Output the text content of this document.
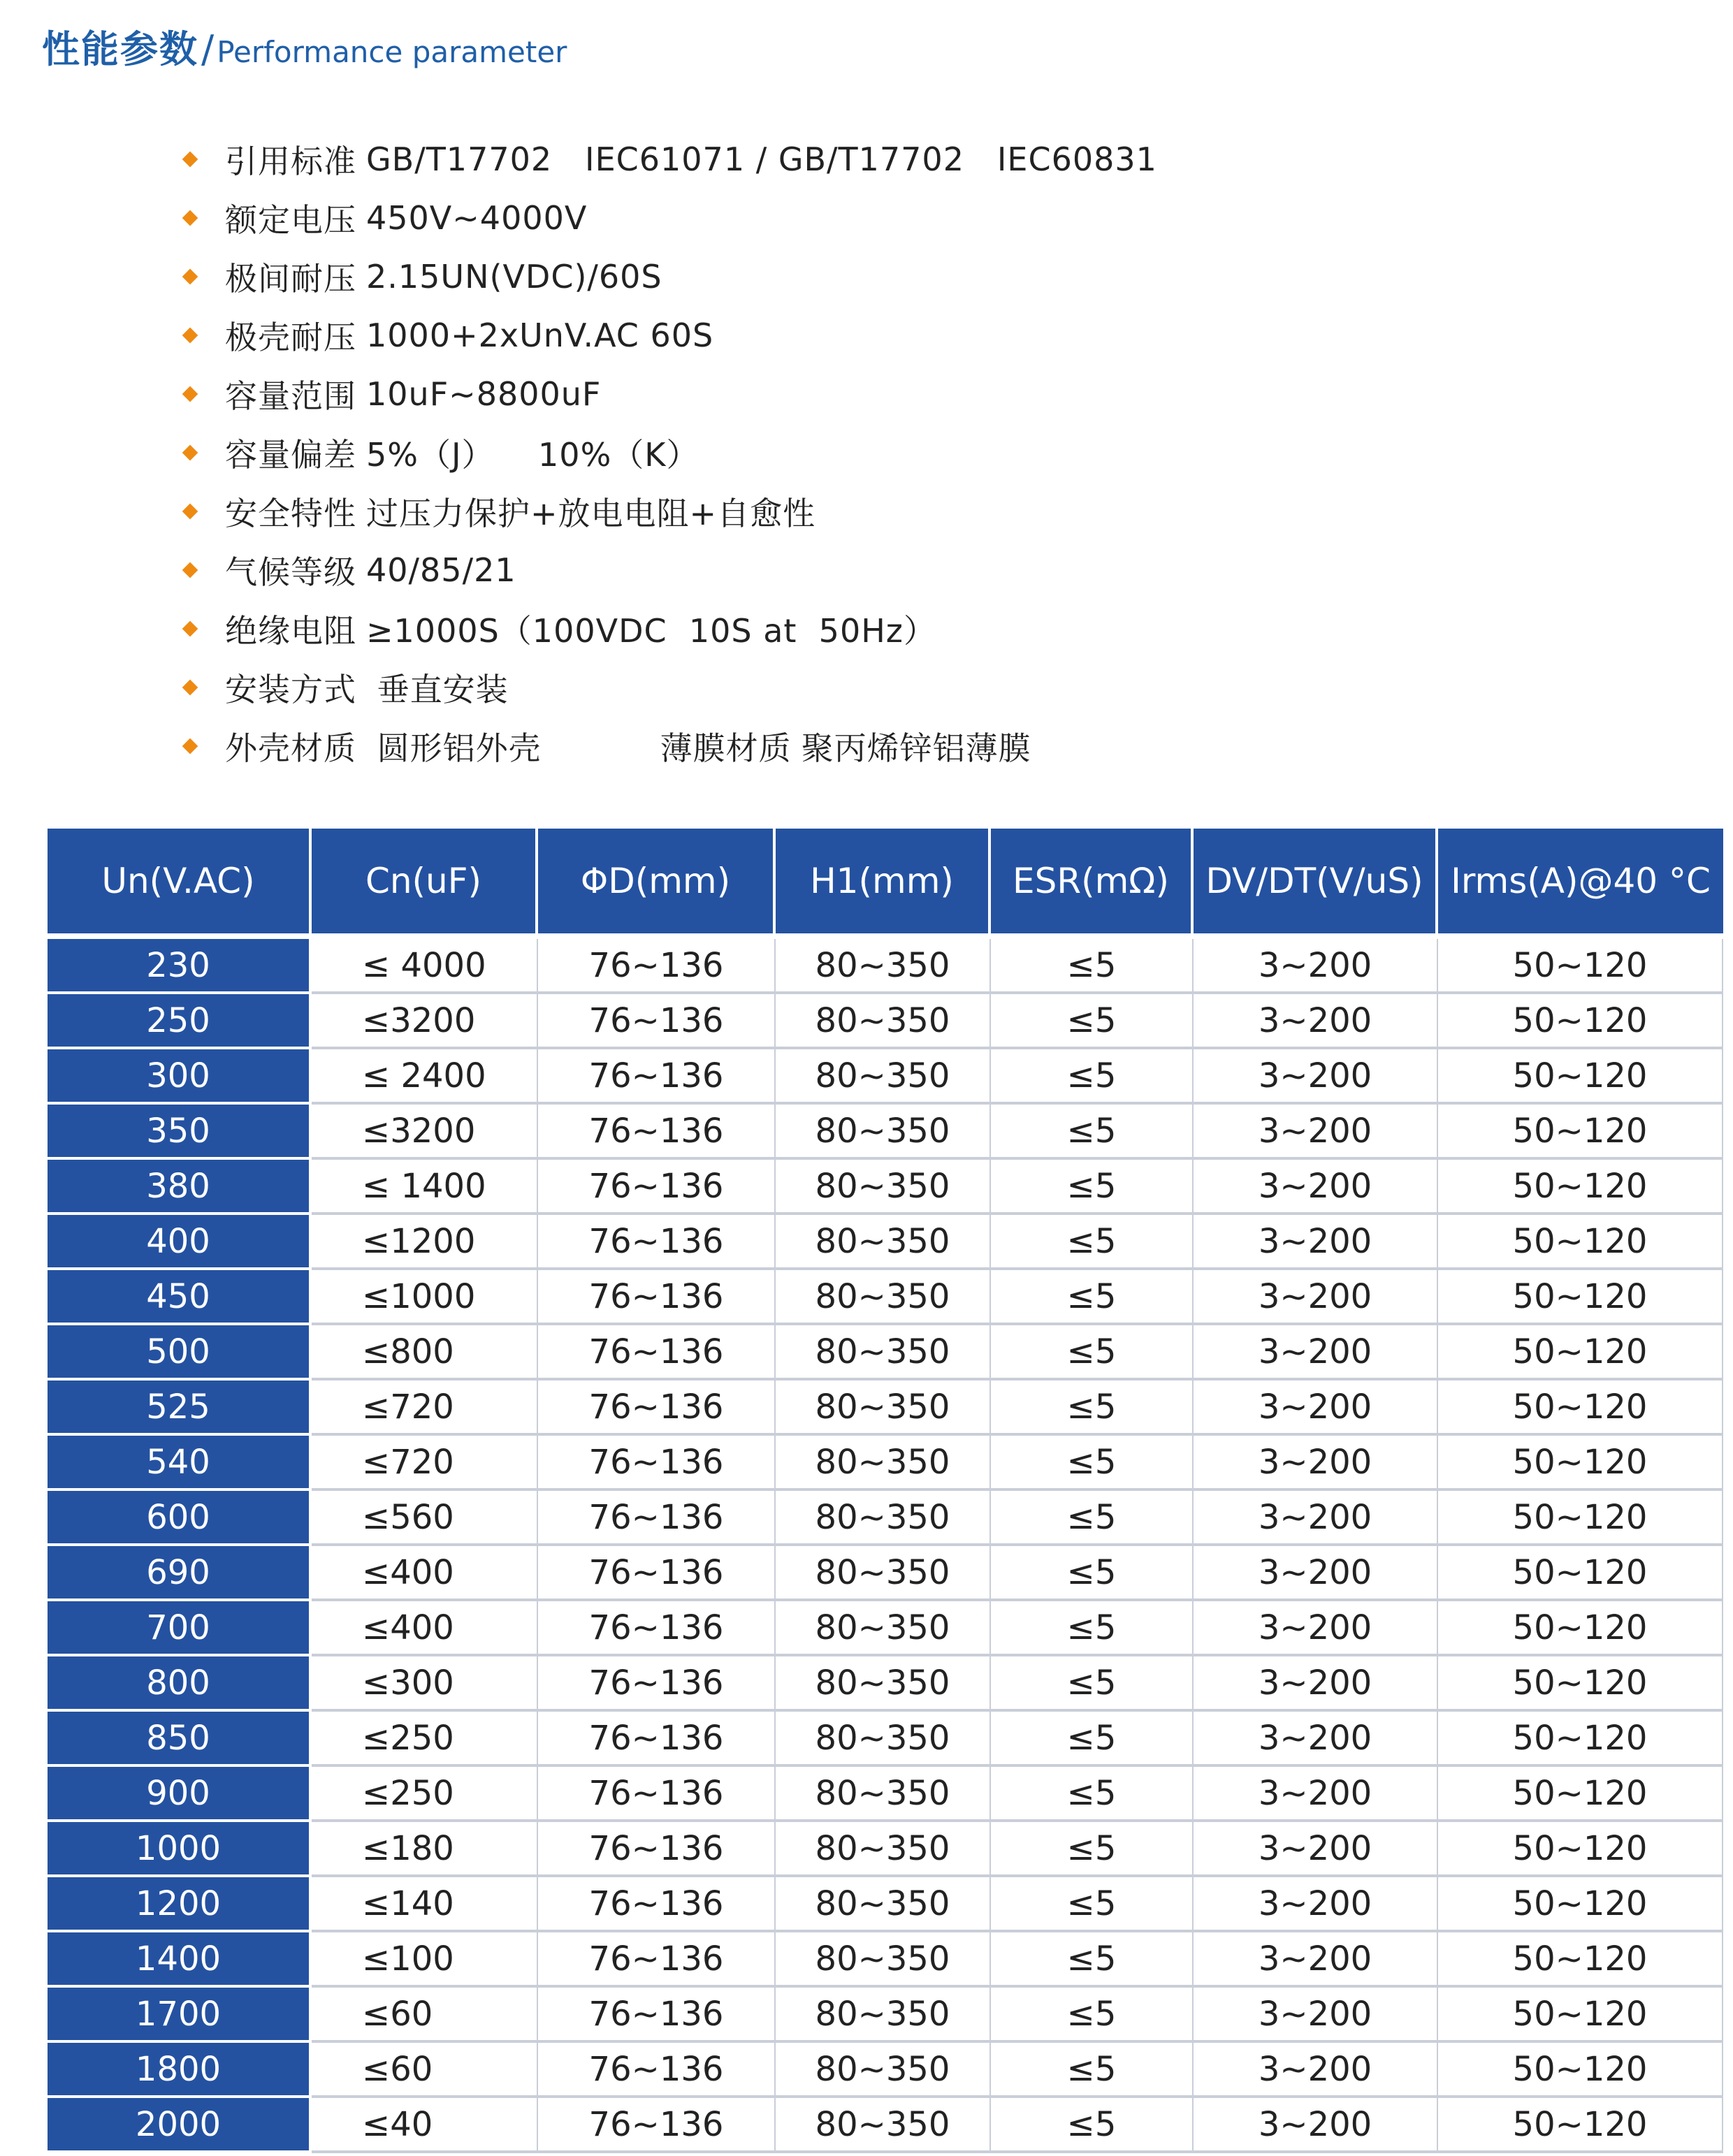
性能参数 / Performance parameter
引用标准 GB/T17702   IEC61071 / GB/T17702   IEC60831
额定电压 450V~4000V
极间耐压 2.15UN(VDC)/60S
极壳耐压 1000+2xUnV.AC 60S
容量范围 10uF~8800uF
容量偏差 5%（J）    10%（K）
安全特性 过压力保护+放电电阻+自愈性
气候等级 40/85/21
绝缘电阻 ≥1000S（100VDC  10S at  50Hz）
安装方式 垂直安装
外壳材质 圆形铝外壳	薄膜材质 聚丙烯锌铝薄膜
Un(V.AC)	Cn(uF)	ΦD(mm)	H1(mm)	ESR(mΩ)	DV/DT(V/uS)	Irms(A)@40 °C
230	≤ 4000	76~136	80~350	≤5	3~200	50~120
250	≤3200	76~136	80~350	≤5	3~200	50~120
300	≤ 2400	76~136	80~350	≤5	3~200	50~120
350	≤3200	76~136	80~350	≤5	3~200	50~120
380	≤ 1400	76~136	80~350	≤5	3~200	50~120
400	≤1200	76~136	80~350	≤5	3~200	50~120
450	≤1000	76~136	80~350	≤5	3~200	50~120
500	≤800	76~136	80~350	≤5	3~200	50~120
525	≤720	76~136	80~350	≤5	3~200	50~120
540	≤720	76~136	80~350	≤5	3~200	50~120
600	≤560	76~136	80~350	≤5	3~200	50~120
690	≤400	76~136	80~350	≤5	3~200	50~120
700	≤400	76~136	80~350	≤5	3~200	50~120
800	≤300	76~136	80~350	≤5	3~200	50~120
850	≤250	76~136	80~350	≤5	3~200	50~120
900	≤250	76~136	80~350	≤5	3~200	50~120
1000	≤180	76~136	80~350	≤5	3~200	50~120
1200	≤140	76~136	80~350	≤5	3~200	50~120
1400	≤100	76~136	80~350	≤5	3~200	50~120
1700	≤60	76~136	80~350	≤5	3~200	50~120
1800	≤60	76~136	80~350	≤5	3~200	50~120
2000	≤40	76~136	80~350	≤5	3~200	50~120
